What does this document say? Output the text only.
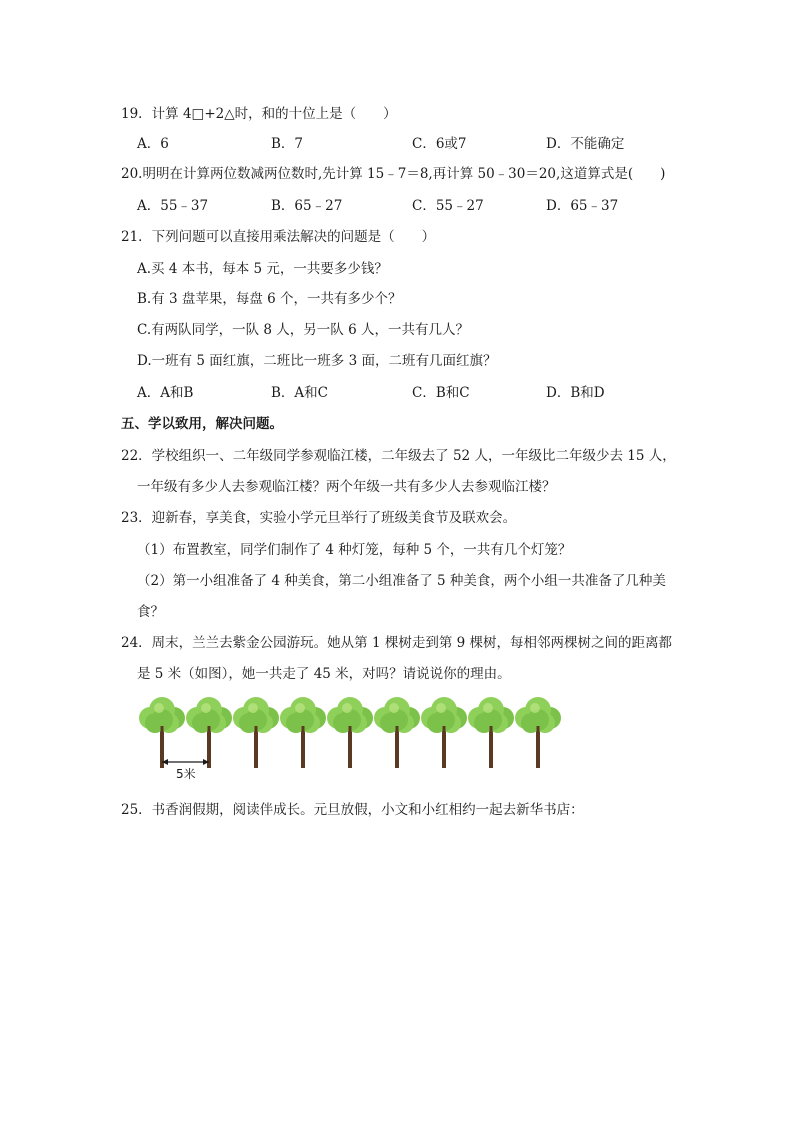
19．计算 4□+2△时，和的十位上是（　　）
A．6	B．7	C．6或7	D．不能确定
20.明明在计算两位数减两位数时,先计算 15﹣7＝8,再计算 50﹣30＝20,这道算式是(　　)
A．55﹣37	B．65﹣27	C．55﹣27	D．65﹣37
21．下列问题可以直接用乘法解决的问题是（　　）
A.买 4 本书，每本 5 元，一共要多少钱？
B.有 3 盘苹果，每盘 6 个，一共有多少个？
C.有两队同学，一队 8 人，另一队 6 人，一共有几人？
D.一班有 5 面红旗，二班比一班多 3 面，二班有几面红旗？
A．A和B	B．A和C	C．B和C	D．B和D
五、学以致用，解决问题。
22．学校组织一、二年级同学参观临江楼，二年级去了 52 人，一年级比二年级少去 15 人，
一年级有多少人去参观临江楼？两个年级一共有多少人去参观临江楼？
23．迎新春，享美食，实验小学元旦举行了班级美食节及联欢会。
（1）布置教室，同学们制作了 4 种灯笼，每种 5 个，一共有几个灯笼？
（2）第一小组准备了 4 种美食，第二小组准备了 5 种美食，两个小组一共准备了几种美
食？
24．周末，兰兰去紫金公园游玩。她从第 1 棵树走到第 9 棵树，每相邻两棵树之间的距离都
是 5 米（如图），她一共走了 45 米，对吗？请说说你的理由。
5米
25．书香润假期，阅读伴成长。元旦放假，小文和小红相约一起去新华书店：
